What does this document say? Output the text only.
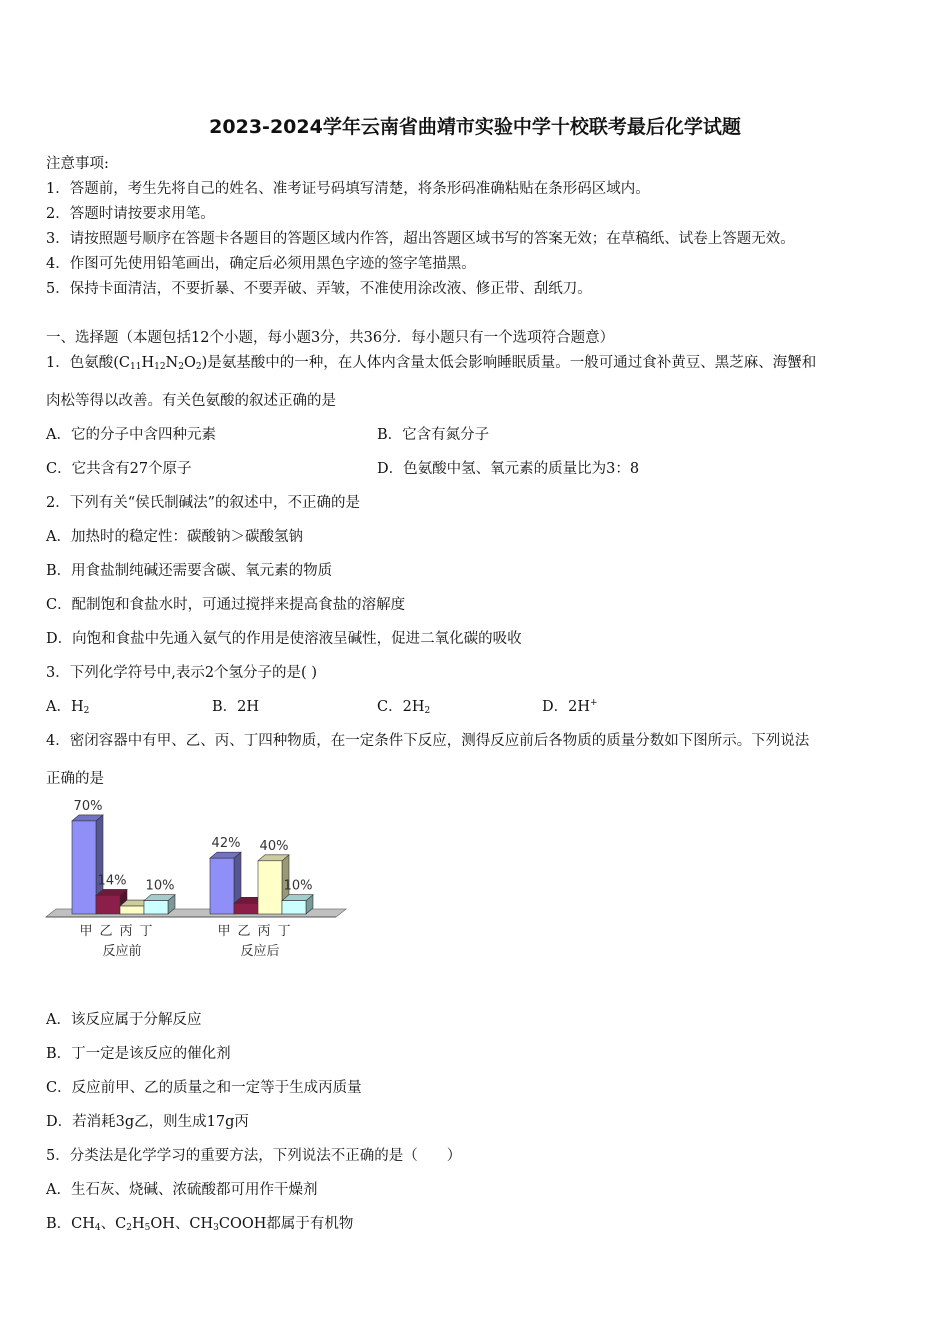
2023-2024学年云南省曲靖市实验中学十校联考最后化学试题
注意事项:
1．答题前，考生先将自己的姓名、准考证号码填写清楚，将条形码准确粘贴在条形码区域内。
2．答题时请按要求用笔。
3．请按照题号顺序在答题卡各题目的答题区域内作答，超出答题区域书写的答案无效；在草稿纸、试卷上答题无效。
4．作图可先使用铅笔画出，确定后必须用黑色字迹的签字笔描黑。
5．保持卡面清洁，不要折暴、不要弄破、弄皱，不准使用涂改液、修正带、刮纸刀。
一、选择题（本题包括12个小题，每小题3分，共36分．每小题只有一个选项符合题意）
1．色氨酸$(C_{11}H_{12}N_2O_2)$是氨基酸中的一种，在人体内含量太低会影响睡眠质量。一般可通过食补黄豆、黑芝麻、海蟹和
肉松等得以改善。有关色氨酸的叙述正确的是
A．它的分子中含四种元素	B．它含有氮分子
C．它共含有27个原子	D．色氨酸中氢、氧元素的质量比为3：8
2．下列有关“侯氏制碱法”的叙述中，不正确的是
A．加热时的稳定性：碳酸钠＞碳酸氢钠
B．用食盐制纯碱还需要含碳、氧元素的物质
C．配制饱和食盐水时，可通过搅拌来提高食盐的溶解度
D．向饱和食盐中先通入氨气的作用是使溶液呈碱性，促进二氧化碳的吸收
3．下列化学符号中,表示2个氢分子的是( )
A．$H_2$	B．2H	C．$2H_2$	D．2H+
4．密闭容器中有甲、乙、丙、丁四种物质，在一定条件下反应，测得反应前后各物质的质量分数如下图所示。下列说法
正确的是
70%
14% 10%
甲 乙 丙 丁
反应前
42% 40%
10%
甲 乙 丙 丁
反应后
A．该反应属于分解反应
B．丁一定是该反应的催化剂
C．反应前甲、乙的质量之和一定等于生成丙质量
D．若消耗3g乙，则生成17g丙
5．分类法是化学学习的重要方法，下列说法不正确的是（　　）
A．生石灰、烧碱、浓硫酸都可用作干燥剂
B．$CH_4$、$C_2H_5OH$、$CH_3COOH$都属于有机物
